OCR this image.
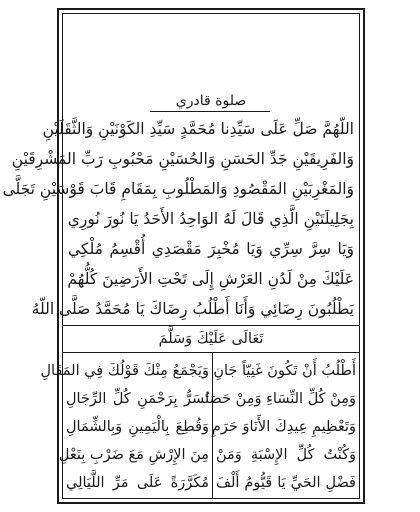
صلوة قادري
اللّهُمَّ صَلِّ عَلَى سَيِّدِنا مُحَمَّدٍ سَيِّدِ الكَوْنَيْنِ وَالثَّقَلَيْنِ
وَالفَرِيقَيْنِ جَدِّ الحَسَنِ وَالحُسَيْنِ مَحْبُوبِ رَبِّ المَشْرِقَيْنِ
وَالمَغْرِبَيْنِ المَقْصُودِ وَالمَطْلُوبِ بِمَقَامِ قَابَ قَوْسَيْنِ تَجَلَّى
بِجَلِيلَتَيْنِ الَّذِي قَالَ لَهُ الوَاحِدُ الأَحَدُ يَا نُورَ نُورِي
وَيَا سِرَّ سِرِّي وَيَا مُخْبِرَ مَقْصَدِي أُقْسِمُ مُلْكِي
عَلَيْكَ مِنْ لَدُنِ العَرْشِ إِلَى تَحْتِ الأَرَضِينَ كُلُّهُمْ
يَطْلُبُونَ رِضَائِي وَأَنَا أَطْلُبُ رِضَاكَ يَا مُحَمَّدُ صَلَّى اللّهُ
تَعَالَى عَلَيْكَ وَسَلَّمَ
أَطْلُبُ أَنْ تَكُونَ غَنِيّاً جَانِ
وَمِنْ كُلِّ النِّسَاءِ وَمِنْ حَصَا
وَتَعْظِيمِ عِيدِكَ الأَنَاوَ حَرَمِ
وَكُنْتُ كُلِّ الإِسْبَةِ وَمَنْ
فَضْلِ الحَيِّ يَا قَيُّومُ أَلْفَ
وَيَجْمَعُ مِنْكَ قَوْلُكَ فِي المَقَالِ
تُسَرُّ بِرَحْمَنِ كُلِّ الرِّجَالِ
وَقُطِعَ بِالْيَمِينِ وَبِالشِّمَالِ
مِنَ الإِرْشِ مَعَ ضَرْبِ بِنَعْلِ
مُكَرَّرَةً عَلَى مَرِّ اللَّيَالِي
